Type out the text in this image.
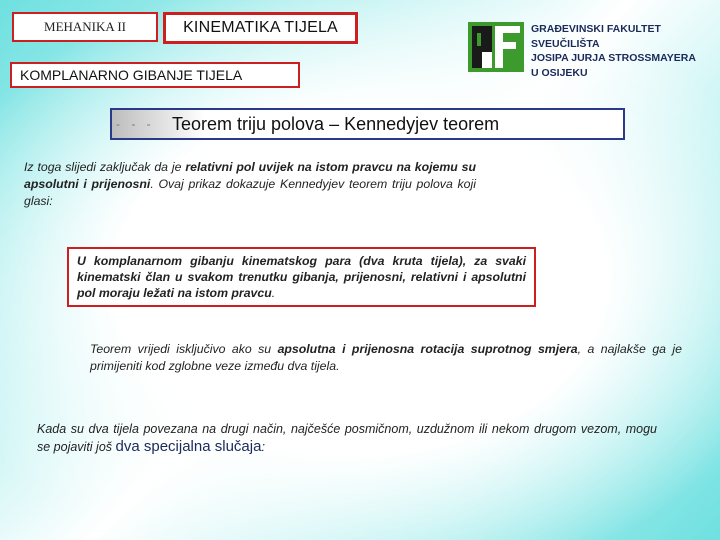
MEHANIKA II	KINEMATIKA TIJELA
KOMPLANARNO GIBANJE TIJELA
GRAĐEVINSKI FAKULTET
SVEUČILIŠTA
JOSIPA JURJA STROSSMAYERA
U OSIJEKU
- - - Teorem triju polova – Kennedyjev teorem
Iz toga slijedi zaključak da je relativni pol uvijek na istom pravcu na kojemu su apsolutni i prijenosni. Ovaj prikaz dokazuje Kennedyjev teorem triju polova koji glasi:
U komplanarnom gibanju kinematskog para (dva kruta tijela), za svaki kinematski član u svakom trenutku gibanja, prijenosni, relativni i apsolutni pol moraju ležati na istom pravcu.
Teorem vrijedi isključivo ako su apsolutna i prijenosna rotacija suprotnog smjera, a najlakše ga je primijeniti kod zglobne veze između dva tijela.
Kada su dva tijela povezana na drugi način, najčešće posmičnom, uzdužnom ili nekom drugom vezom, mogu se pojaviti još dva specijalna slučaja:
